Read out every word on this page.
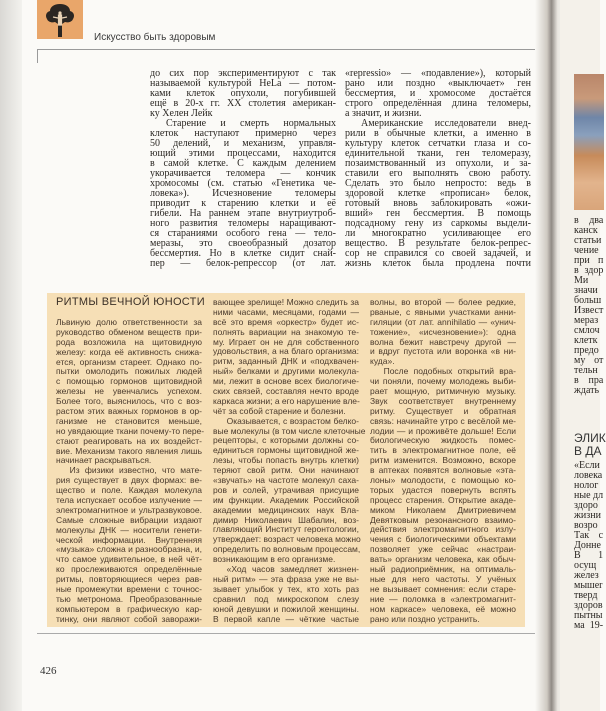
Искусство быть здоровым
до сих пор экспериментируют с так
называемой культурой HeLa — потом-
ками клеток опухоли, погубившей
ещё в 20-х гг. XX столетия американ-
ку Хелен Лейк
Старение и смерть нормальных
клеток наступают примерно через
50 делений, и механизм, управля-
ющий этими процессами, находится
в самой клетке. С каждым делением
укорачивается теломера — кончик
хромосомы (см. статью «Генетика че-
ловека»). Исчезновение теломеры
приводит к старению клетки и её
гибели. На раннем этапе внутриутроб-
ного развития теломеры наращивают-
ся стараниями особого гена — тело-
меразы, это своеобразный дозатор
бессмертия. Но в клетке сидит снай-
пер — белок-репрессор (от лат.
«repressio» — «подавление»), который
рано или поздно «выключает» ген
бессмертия, и хромосоме достаётся
строго определённая длина теломеры,
а значит, и жизни.
Американские исследователи внед-
рили в обычные клетки, а именно в
культуру клеток сетчатки глаза и со-
единительной ткани, ген теломеразу,
позаимствованный из опухоли, и за-
ставили его выполнять свою работу.
Сделать это было непросто: ведь в
здоровой клетке «прописан» белок,
готовый вновь заблокировать «ожи-
вший» ген бессмертия. В помощь
подсадному гену из саркомы выдели-
ли многократно усиливающее его
вещество. В результате белок-репрес-
сор не справился со своей задачей, и
жизнь клеток была продлена почти
РИТМЫ ВЕЧНОЙ ЮНОСТИ
Львиную долю ответственности за
руководство обменом веществ при-
рода возложила на щитовидную
железу: когда её активность снижа-
ется, организм стареет. Однако по-
пытки омолодить пожилых людей
с помощью гормонов щитовидной
железы не увенчались успехом.
Более того, выяснилось, что с воз-
растом этих важных гормонов в ор-
ганизме не становится меньше,
но увядающие ткани почему-то пере-
стают реагировать на их воздейст-
вие. Механизм такого явления лишь
начинает раскрываться.
Из физики известно, что мате-
рия существует в двух формах: ве-
щество и поле. Каждая молекула
тела испускает особое излучение —
электромагнитное и ультразвуковое.
Самые сложные вибрации издают
молекулы ДНК — носители генети-
ческой информации. Внутренняя
«музыка» сложна и разнообразна, и,
что самое удивительное, в ней чёт-
ко прослеживаются определённые
ритмы, повторяющиеся через рав-
ные промежутки времени с точнос-
тью метронома. Преобразованные
компьютером в графическую кар-
тинку, они являют собой заворажи-
вающее зрелище! Можно следить за
ними часами, месяцами, годами —
всё это время «оркестр» будет ис-
полнять вариации на знакомую те-
му. Играет он не для собственного
удовольствия, а на благо организма:
ритм, заданный ДНК и «подхвачен-
ный» белками и другими молекула-
ми, лежит в основе всех биологиче-
ских связей, составляя нечто вроде
каркаса жизни; а его нарушение вле-
чёт за собой старение и болезни.
Оказывается, с возрастом белко-
вые молекулы (в том числе клеточные
рецепторы, с которыми должны со-
единиться гормоны щитовидной же-
лезы, чтобы попасть внутрь клетки)
теряют свой ритм. Они начинают
«звучать» на частоте молекул саха-
ров и солей, утрачивая присущие
им функции. Академик Российской
академии медицинских наук Вла-
димир Николаевич Шабалин, воз-
главляющий Институт геронтологии,
утверждает: возраст человека можно
определить по волновым процессам,
возникающим в его организме.
«Ход часов замедляет жизнен-
ный ритм» — эта фраза уже не вы-
зывает улыбок у тех, кто хоть раз
сравнил под микроскопом слезу
юной девушки и пожилой женщины.
В первой капле — чёткие частые
волны, во второй — более редкие,
рваные, с явными участками анни-
гиляции (от лат. annihilatio — «унич-
тожение», «исчезновение»): одна
волна бежит навстречу другой —
и вдруг пустота или воронка «в ни-
куда».
После подобных открытий вра-
чи поняли, почему молодежь выби-
рает мощную, ритмичную музыку.
Звук соответствует внутреннему
ритму. Существует и обратная
связь: начинайте утро с весёлой ме-
лодии — и проживёте дольше! Если
биологическую жидкость помес-
тить в электромагнитное поле, её
ритм изменится. Возможно, вскоре
в аптеках появятся волновые «эта-
лоны» молодости, с помощью ко-
торых удастся повернуть вспять
процесс старения. Открытие акаде-
миком Николаем Дмитриевичем
Девятковым резонансного взаимо-
действия электромагнитного излу-
чения с биологическими объектами
позволяет уже сейчас «настраи-
вать» организм человека, как обыч-
ный радиоприёмник, на оптималь-
ные для него частоты. У учёных
не вызывает сомнения: если старе-
ние — поломка в «электромагнит-
ном каркасе» человека, её можно
рано или поздно устранить.
426
в два
канск
статьи
чение
при п
в здор
Ми
значи
больш
Извест
мераз
смлоч
клетк
предо
му от
тельн
в пра
ждать
ЭЛИК
В ДА
«Если
ловека
нолог
ные дл
здоро
жизни
возро
Так с
Донне
В 1
осущ
желез
мышеr
тверд
здоров
пытны
ма 19-
